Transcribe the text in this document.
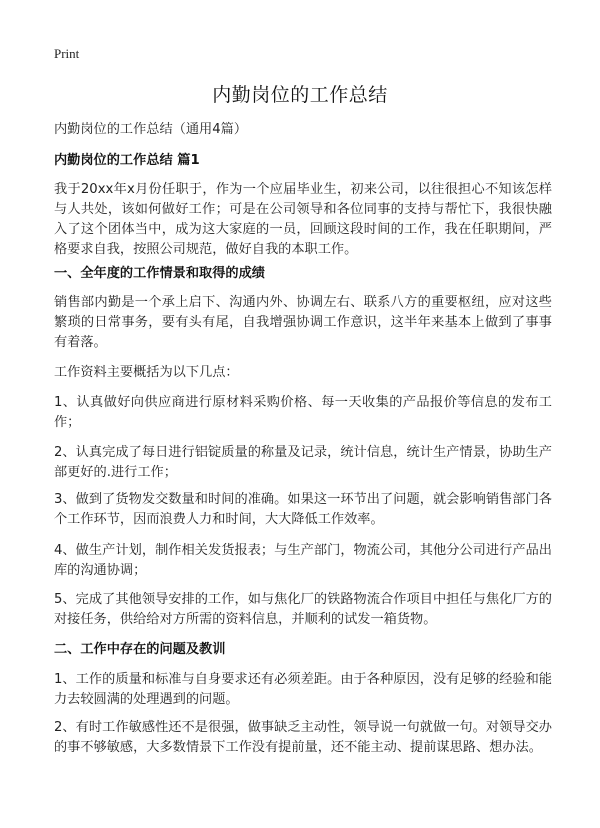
Print
内勤岗位的工作总结
内勤岗位的工作总结（通用4篇）
内勤岗位的工作总结 篇1
我于20xx年x月份任职于，作为一个应届毕业生，初来公司，以往很担心不知该怎样与人共处，该如何做好工作；可是在公司领导和各位同事的支持与帮忙下，我很快融入了这个团体当中，成为这大家庭的一员，回顾这段时间的工作，我在任职期间，严格要求自我，按照公司规范，做好自我的本职工作。
一、全年度的工作情景和取得的成绩
销售部内勤是一个承上启下、沟通内外、协调左右、联系八方的重要枢纽，应对这些繁琐的日常事务，要有头有尾，自我增强协调工作意识，这半年来基本上做到了事事有着落。
工作资料主要概括为以下几点：
1、认真做好向供应商进行原材料采购价格、每一天收集的产品报价等信息的发布工作；
2、认真完成了每日进行铝锭质量的称量及记录，统计信息，统计生产情景，协助生产部更好的.进行工作；
3、做到了货物发交数量和时间的准确。如果这一环节出了问题，就会影响销售部门各个工作环节，因而浪费人力和时间，大大降低工作效率。
4、做生产计划，制作相关发货报表；与生产部门，物流公司，其他分公司进行产品出库的沟通协调；
5、完成了其他领导安排的工作，如与焦化厂的铁路物流合作项目中担任与焦化厂方的对接任务，供给给对方所需的资料信息，并顺利的试发一箱货物。
二、工作中存在的问题及教训
1、工作的质量和标准与自身要求还有必须差距。由于各种原因，没有足够的经验和能力去较圆满的处理遇到的问题。
2、有时工作敏感性还不是很强，做事缺乏主动性，领导说一句就做一句。对领导交办的事不够敏感，大多数情景下工作没有提前量，还不能主动、提前谋思路、想办法。
